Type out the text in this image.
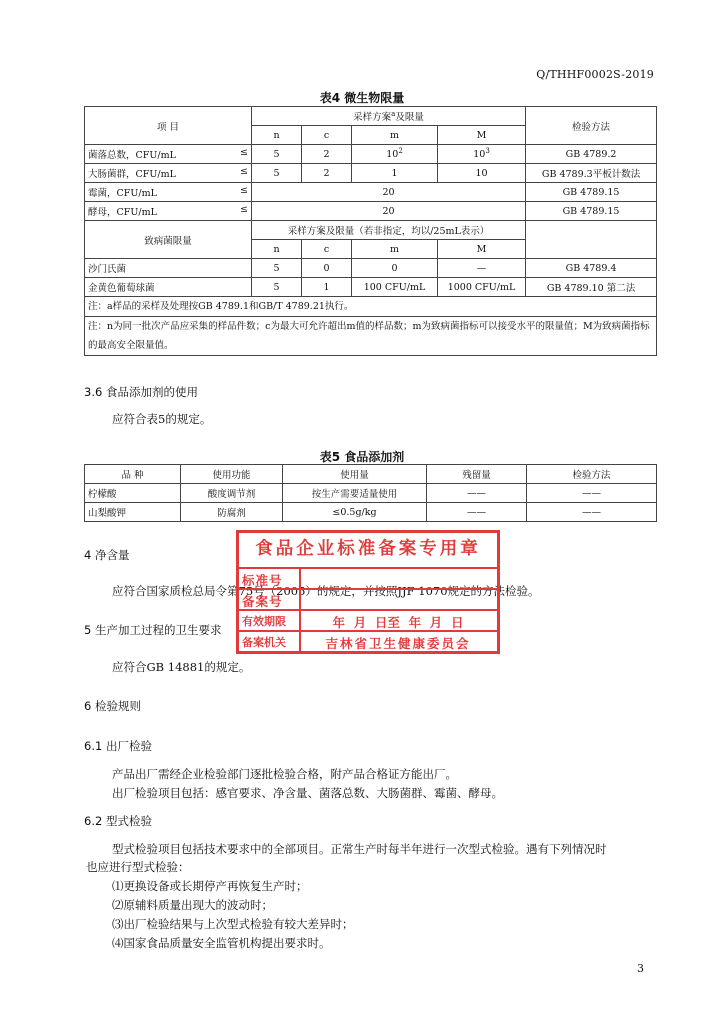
Q/THHF0002S-2019
表4 微生物限量
项 目	采样方案$^a$及限量				检验方法
	n	c	m	M	
菌落总数，CFU/mL ≤	5	2	$10^2$	$10^3$	GB 4789.2
大肠菌群，CFU/mL ≤	5	2	1	10	GB 4789.3平板计数法
霉菌，CFU/mL ≤	20				GB 4789.15
酵母，CFU/mL ≤	20				GB 4789.15
致病菌限量	采样方案及限量（若非指定，均以/25mL表示）				
	n	c	m	M	
沙门氏菌	5	0	0	—	GB 4789.4
金黄色葡萄球菌	5	1	100 CFU/mL	1000 CFU/mL	GB 4789.10 第二法
注：a样品的采样及处理按GB 4789.1和GB/T 4789.21执行。					
注：n为同一批次产品应采集的样品件数；c为最大可允许超出m值的样品数；m为致病菌指标可以接受水平的限量值；M为致病菌指标的最高安全限量值。					
3.6 食品添加剂的使用
应符合表5的规定。
表5 食品添加剂
品 种	使用功能	使用量	残留量	检验方法
柠檬酸	酸度调节剂	按生产需要适量使用	——	——
山梨酸钾	防腐剂	≤0.5g/kg	——	——
4 净含量
应符合国家质检总局令第75号（2005）的规定，并按照JJF 1070规定的方法检验。
5 生产加工过程的卫生要求
应符合GB 14881的规定。
6 检验规则
6.1 出厂检验
产品出厂需经企业检验部门逐批检验合格，附产品合格证方能出厂。
出厂检验项目包括：感官要求、净含量、菌落总数、大肠菌群、霉菌、酵母。
6.2 型式检验
型式检验项目包括技术要求中的全部项目。正常生产时每半年进行一次型式检验。遇有下列情况时
也应进行型式检验：
⑴更换设备或长期停产再恢复生产时；
⑵原辅料质量出现大的波动时；
⑶出厂检验结果与上次型式检验有较大差异时；
⑷国家食品质量安全监管机构提出要求时。
食品企业标准备案专用章
标准号
备案号
有效期限	年  月  日至  年  月  日
备案机关	吉林省卫生健康委员会
3
